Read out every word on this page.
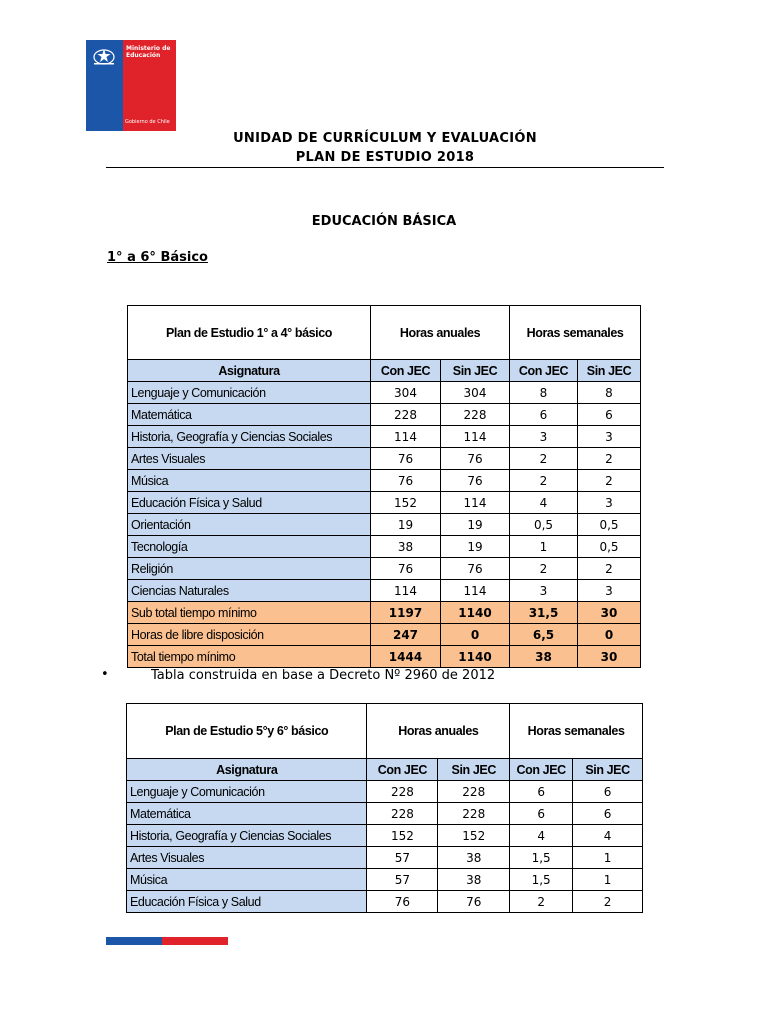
Ministerio de
Educación
Gobierno de Chile
UNIDAD DE CURRÍCULUM Y EVALUACIÓN
PLAN DE ESTUDIO 2018
EDUCACIÓN BÁSICA
1° a 6° Básico
Plan de Estudio 1° a 4° básico	Horas anuales		Horas semanales	
Asignatura	Con JEC	Sin JEC	Con JEC	Sin JEC
Lenguaje y Comunicación	304	304	8	8
Matemática	228	228	6	6
Historia, Geografía y Ciencias Sociales	114	114	3	3
Artes Visuales	76	76	2	2
Música	76	76	2	2
Educación Física y Salud	152	114	4	3
Orientación	19	19	0,5	0,5
Tecnología	38	19	1	0,5
Religión	76	76	2	2
Ciencias Naturales	114	114	3	3
Sub total tiempo mínimo	1197	1140	31,5	30
Horas de libre disposición	247	0	6,5	0
Total tiempo mínimo	1444	1140	38	30
•	Tabla construida en base a Decreto Nº 2960 de 2012
Plan de Estudio 5°y 6° básico	Horas anuales		Horas semanales	
Asignatura	Con JEC	Sin JEC	Con JEC	Sin JEC
Lenguaje y Comunicación	228	228	6	6
Matemática	228	228	6	6
Historia, Geografía y Ciencias Sociales	152	152	4	4
Artes Visuales	57	38	1,5	1
Música	57	38	1,5	1
Educación Física y Salud	76	76	2	2
